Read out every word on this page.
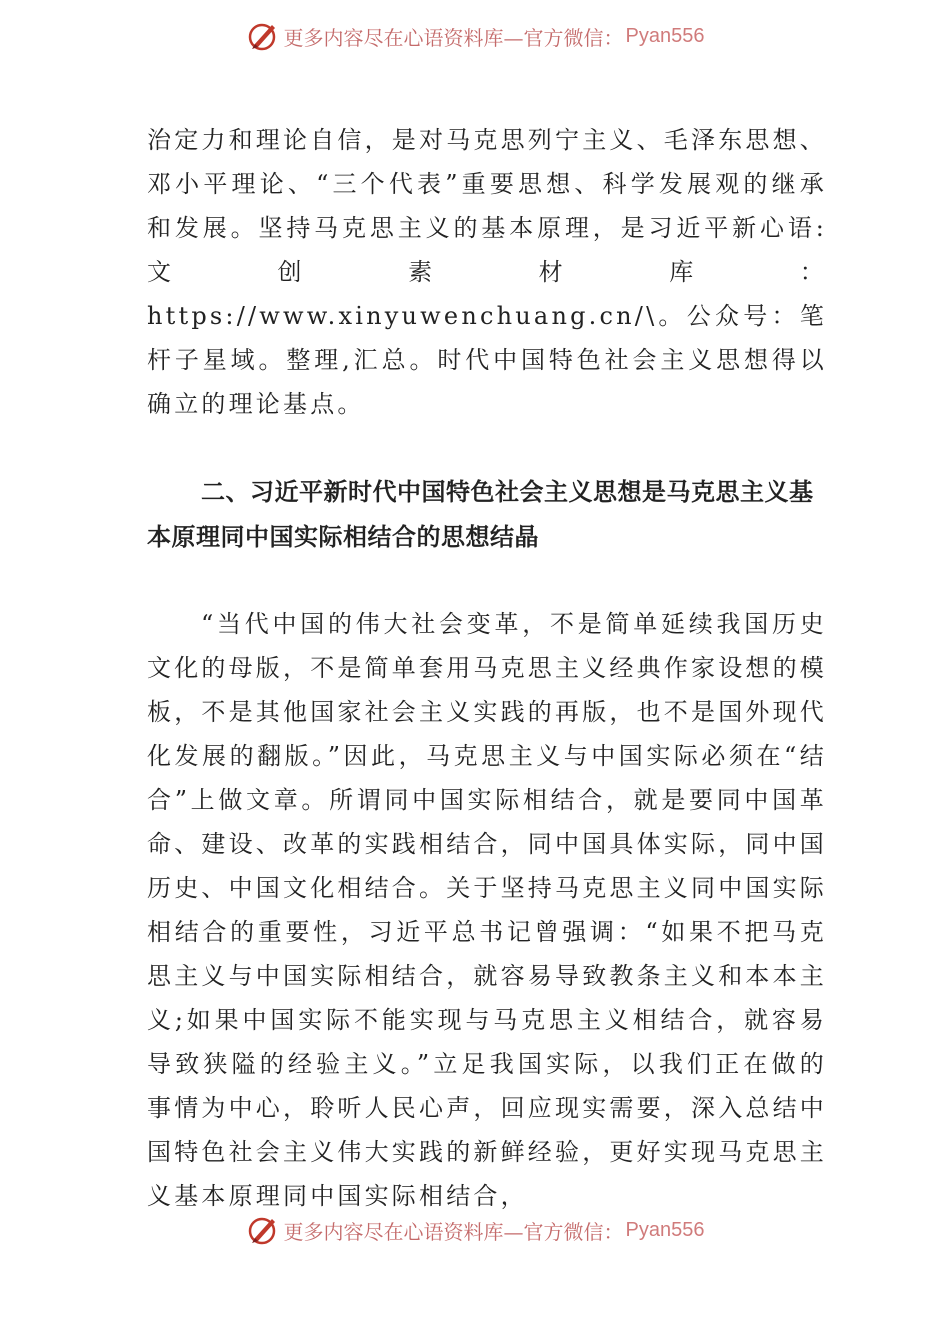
更多内容尽在心语资料库—官方微信： Pyan556

治定力和理论自信，是对马克思列宁主义、毛泽东思想、邓小平理论、“三个代表”重要思想、科学发展观的继承和发展。坚持马克思主义的基本原理，是习近平新心语:文创素材库：https://www.xinyuwenchuang.cn/\。公众号：笔杆子星域。整理,汇总。时代中国特色社会主义思想得以确立的理论基点。

二、习近平新时代中国特色社会主义思想是马克思主义基本原理同中国实际相结合的思想结晶

“当代中国的伟大社会变革，不是简单延续我国历史文化的母版，不是简单套用马克思主义经典作家设想的模板，不是其他国家社会主义实践的再版，也不是国外现代化发展的翻版。”因此，马克思主义与中国实际必须在“结合”上做文章。所谓同中国实际相结合，就是要同中国革命、建设、改革的实践相结合，同中国具体实际，同中国历史、中国文化相结合。关于坚持马克思主义同中国实际相结合的重要性，习近平总书记曾强调：“如果不把马克思主义与中国实际相结合，就容易导致教条主义和本本主义;如果中国实际不能实现与马克思主义相结合，就容易导致狭隘的经验主义。”立足我国实际，以我们正在做的事情为中心，聆听人民心声，回应现实需要，深入总结中国特色社会主义伟大实践的新鲜经验，更好实现马克思主义基本原理同中国实际相结合，

更多内容尽在心语资料库—官方微信： Pyan556
